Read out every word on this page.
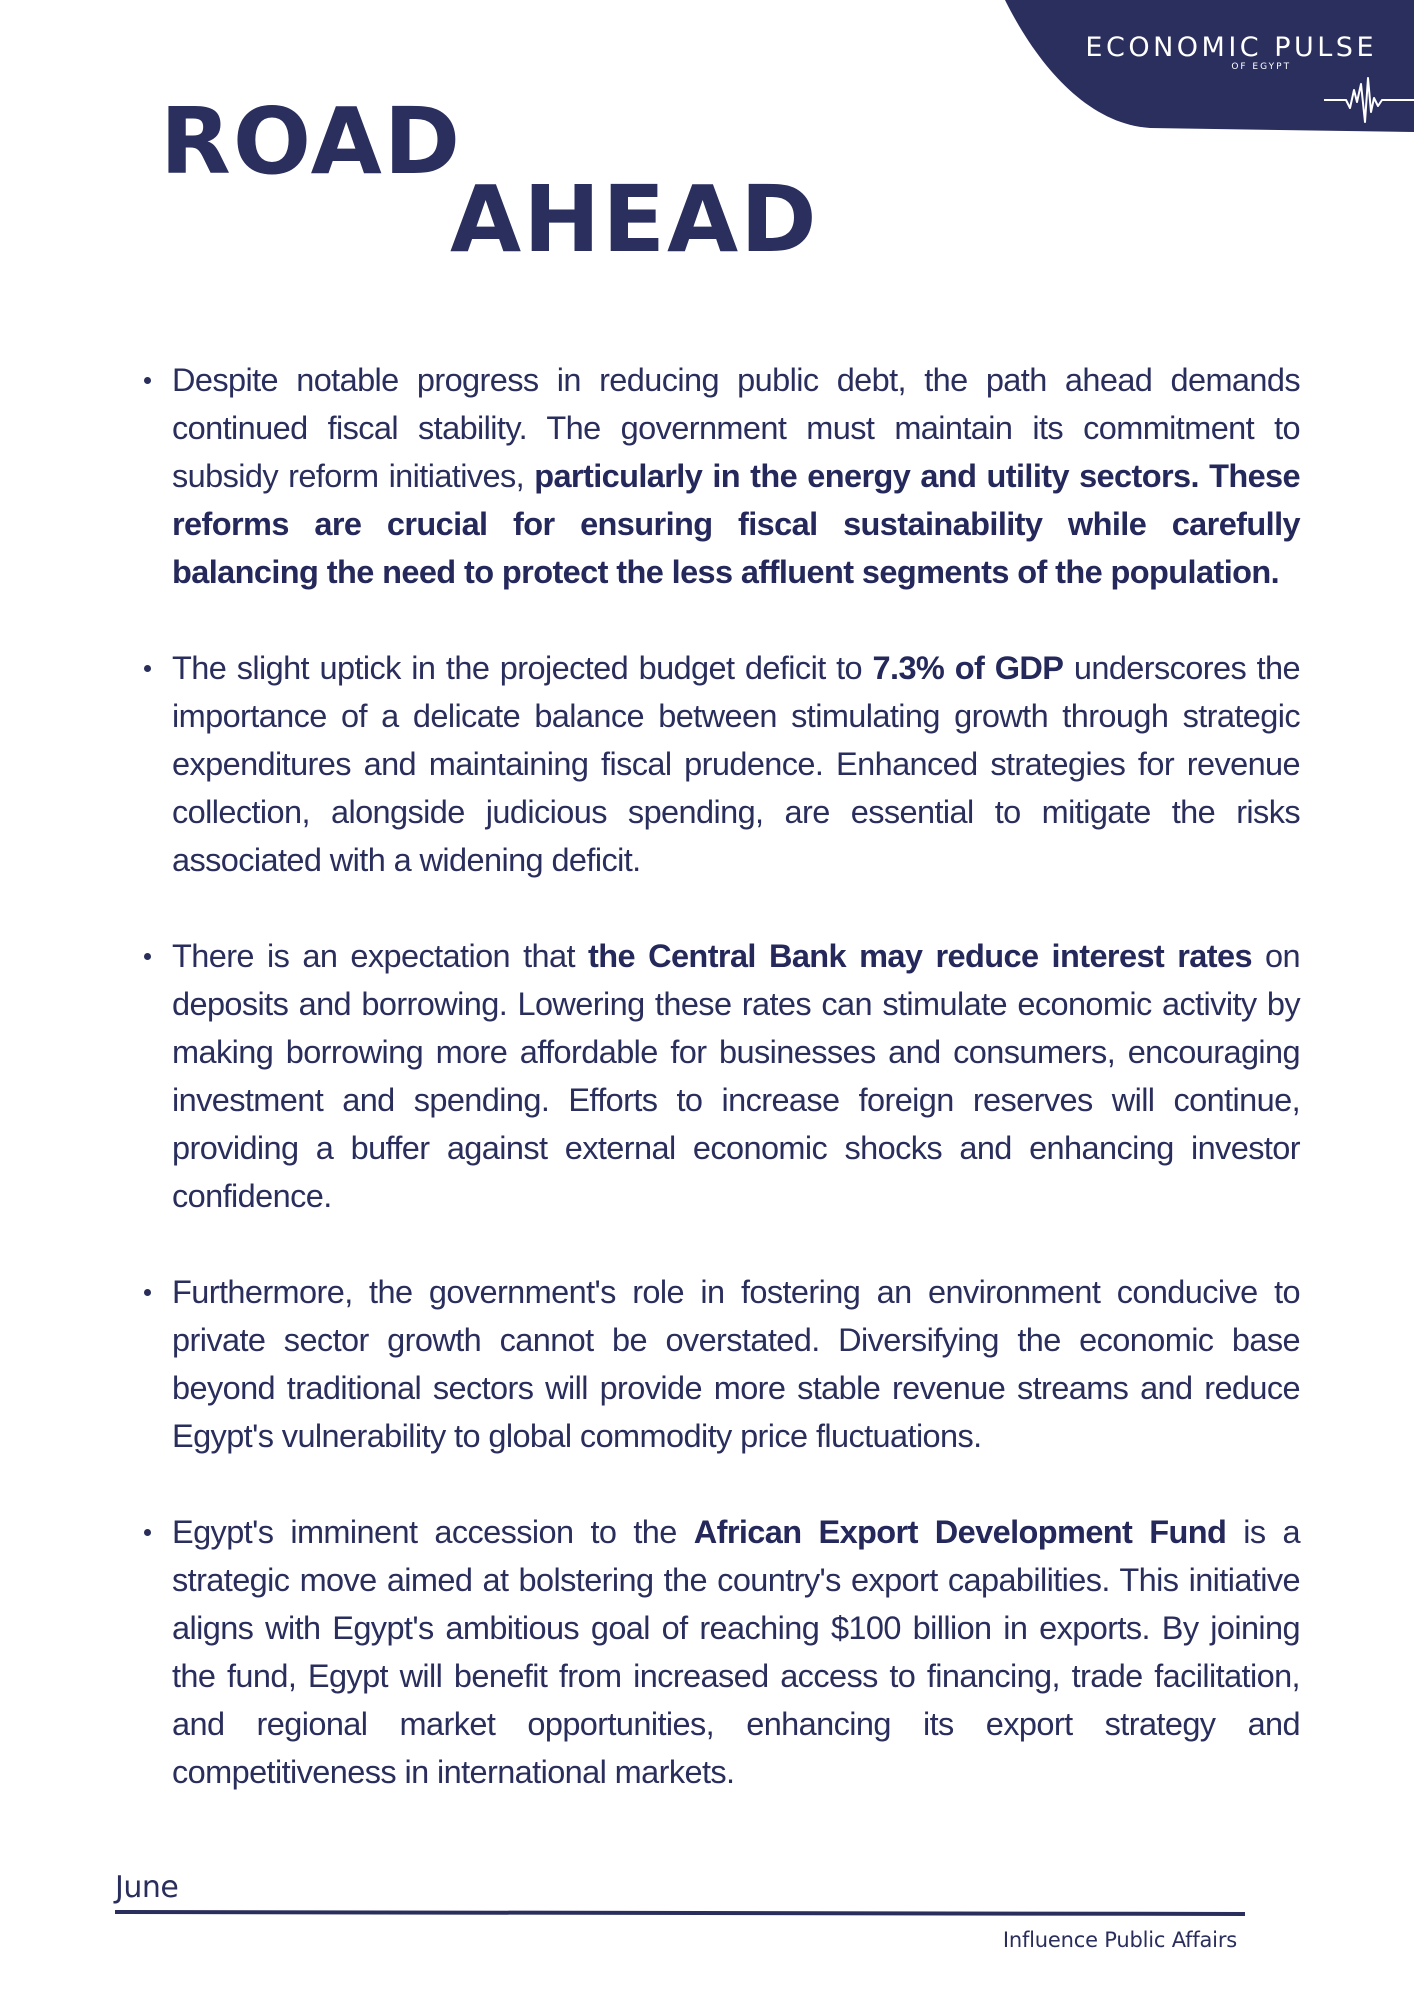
ECONOMIC PULSE
OF EGYPT
ROAD
AHEAD
Despite notable progress in reducing public debt, the path ahead demands continued fiscal stability. The government must maintain its commitment to subsidy reform initiatives, particularly in the energy and utility sectors. These reforms are crucial for ensuring fiscal sustainability while carefully balancing the need to protect the less affluent segments of the population.
The slight uptick in the projected budget deficit to 7.3% of GDP underscores the importance of a delicate balance between stimulating growth through strategic expenditures and maintaining fiscal prudence. Enhanced strategies for revenue collection, alongside judicious spending, are essential to mitigate the risks associated with a widening deficit.
There is an expectation that the Central Bank may reduce interest rates on deposits and borrowing. Lowering these rates can stimulate economic activity by making borrowing more affordable for businesses and consumers, encouraging investment and spending. Efforts to increase foreign reserves will continue, providing a buffer against external economic shocks and enhancing investor confidence.
Furthermore, the government's role in fostering an environment conducive to private sector growth cannot be overstated. Diversifying the economic base beyond traditional sectors will provide more stable revenue streams and reduce Egypt's vulnerability to global commodity price fluctuations.
Egypt's imminent accession to the African Export Development Fund is a strategic move aimed at bolstering the country's export capabilities. This initiative aligns with Egypt's ambitious goal of reaching $100 billion in exports. By joining the fund, Egypt will benefit from increased access to financing, trade facilitation, and regional market opportunities, enhancing its export strategy and competitiveness in international markets.
June
Influence Public Affairs
